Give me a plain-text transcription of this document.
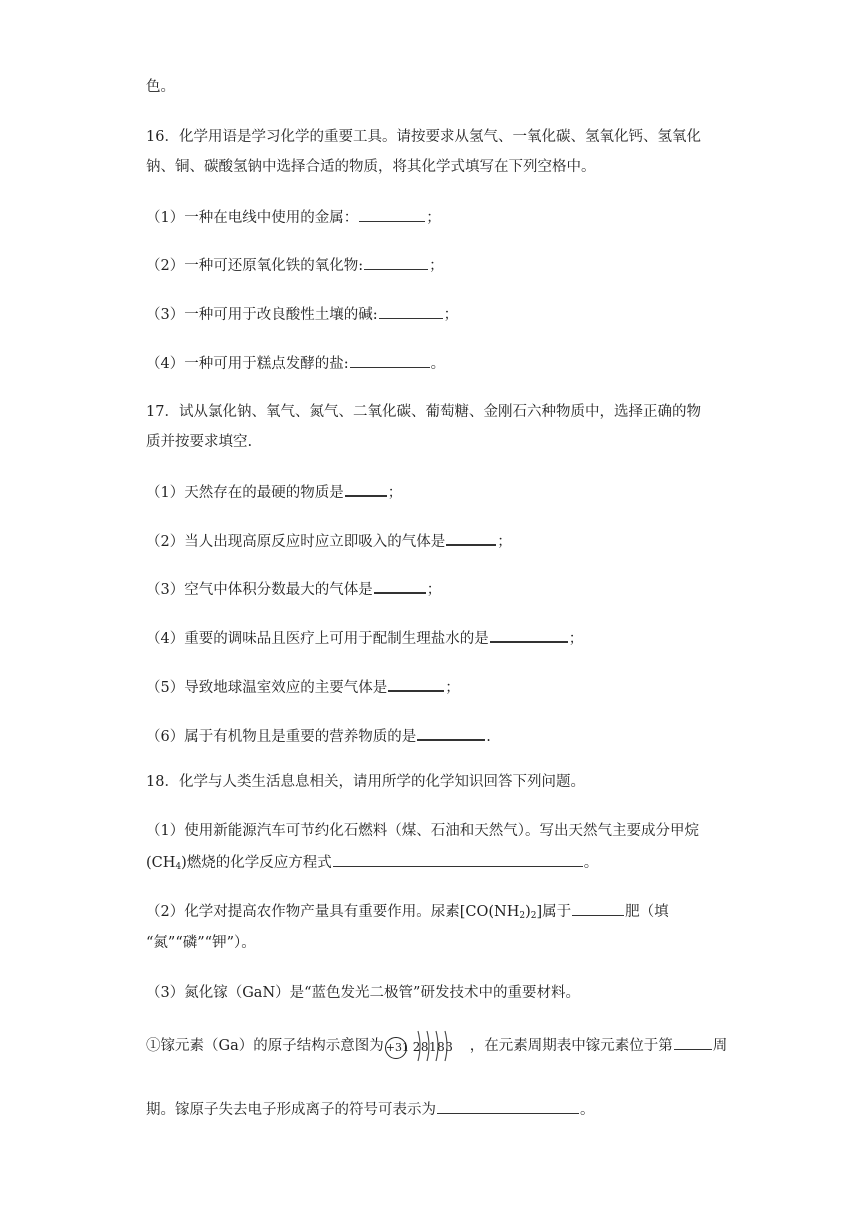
色。

16．化学用语是学习化学的重要工具。请按要求从氢气、一氧化碳、氢氧化钙、氢氧化

钠、铜、碳酸氢钠中选择合适的物质，将其化学式填写在下列空格中。

（1）一种在电线中使用的金属：	；

（2）一种可还原氧化铁的氧化物:	；

（3）一种可用于改良酸性土壤的碱:	；

（4）一种可用于糕点发酵的盐:	。

17．试从氯化钠、氧气、氮气、二氧化碳、葡萄糖、金刚石六种物质中，选择正确的物

质并按要求填空.

（1）天然存在的最硬的物质是	；

（2）当人出现高原反应时应立即吸入的气体是	；

（3）空气中体积分数最大的气体是	；

（4）重要的调味品且医疗上可用于配制生理盐水的是	；

（5）导致地球温室效应的主要气体是	；

（6）属于有机物且是重要的营养物质的是	.

18．化学与人类生活息息相关，请用所学的化学知识回答下列问题。

（1）使用新能源汽车可节约化石燃料（煤、石油和天然气）。写出天然气主要成分甲烷

$(CH_4)$燃烧的化学反应方程式	。

（2）化学对提高农作物产量具有重要作用。尿素$[CO(NH_2)_2]$属于	肥（填

“氮”“磷”“钾”）。

（3）氮化镓（GaN）是“蓝色发光二极管”研发技术中的重要材料。

①镓元素（Ga）的原子结构示意图为 +31 28183 ，在元素周期表中镓元素位于第	周

期。镓原子失去电子形成离子的符号可表示为	。
